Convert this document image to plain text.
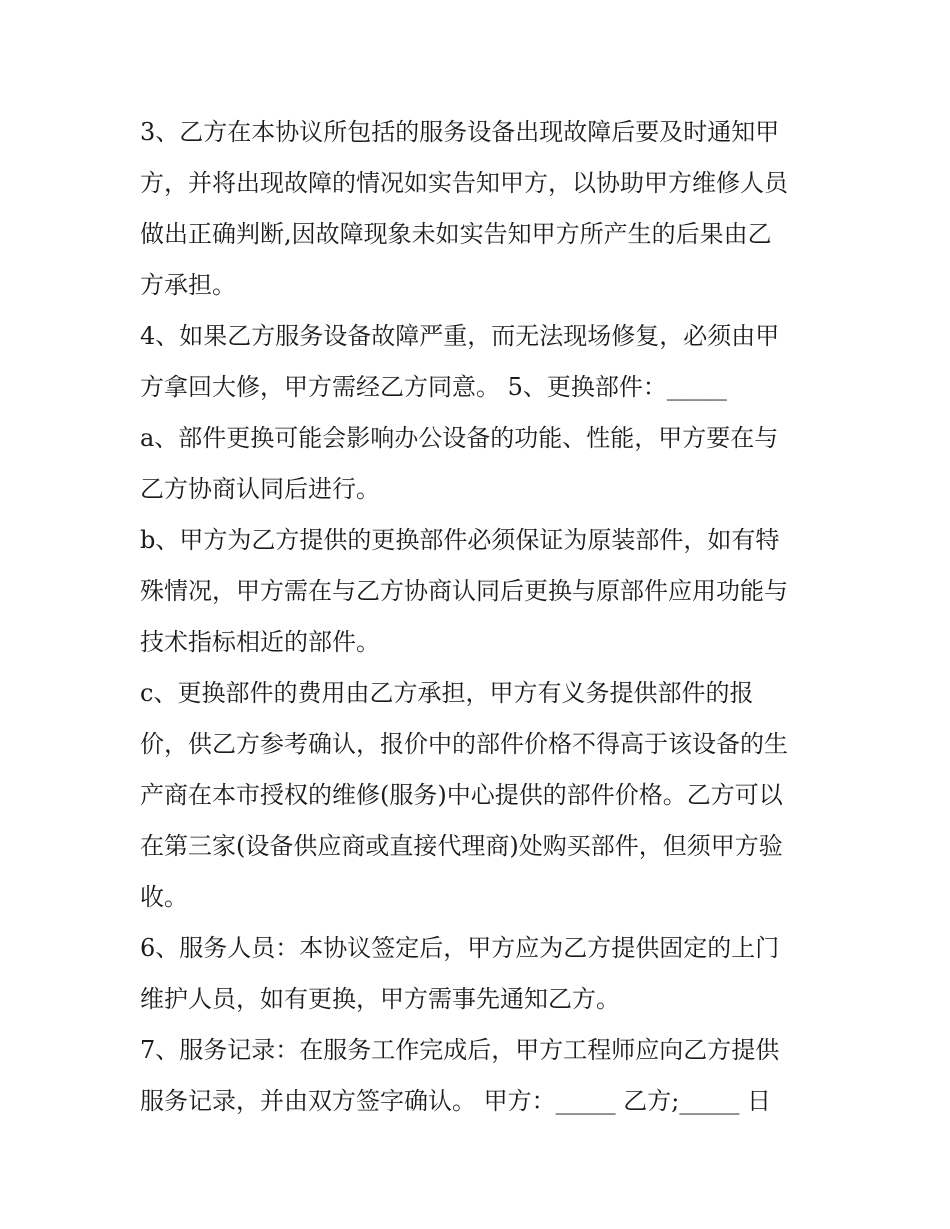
3、乙方在本协议所包括的服务设备出现故障后要及时通知甲
方，并将出现故障的情况如实告知甲方，以协助甲方维修人员
做出正确判断,因故障现象未如实告知甲方所产生的后果由乙
方承担。
4、如果乙方服务设备故障严重，而无法现场修复，必须由甲
方拿回大修，甲方需经乙方同意。 5、更换部件：_____
a、部件更换可能会影响办公设备的功能、性能，甲方要在与
乙方协商认同后进行。
b、甲方为乙方提供的更换部件必须保证为原装部件，如有特
殊情况，甲方需在与乙方协商认同后更换与原部件应用功能与
技术指标相近的部件。
c、更换部件的费用由乙方承担，甲方有义务提供部件的报
价，供乙方参考确认，报价中的部件价格不得高于该设备的生
产商在本市授权的维修(服务)中心提供的部件价格。乙方可以
在第三家(设备供应商或直接代理商)处购买部件，但须甲方验
收。
6、服务人员：本协议签定后，甲方应为乙方提供固定的上门
维护人员，如有更换，甲方需事先通知乙方。
7、服务记录：在服务工作完成后，甲方工程师应向乙方提供
服务记录，并由双方签字确认。 甲方：_____ 乙方;_____ 日
